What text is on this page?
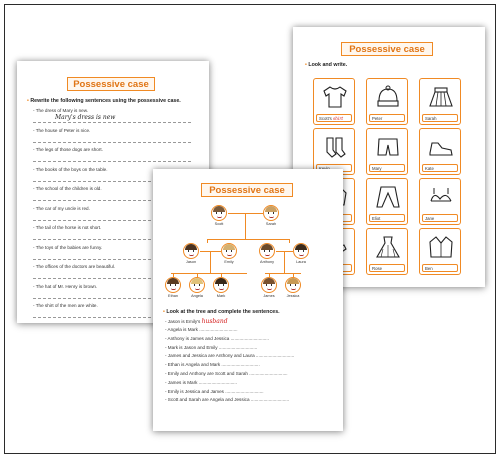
Possessive case
• Rewrite the following sentences using the possessive case.
- The dress of Mary is new.
Mary's dress is new
- The house of Peter is nice.
- The legs of those dogs are short.
- The books of the boys on the table.
- The school of the children is old.
- The car of my uncle is red.
- The tail of the horse is not short.
- The toys of the babies are funny.
- The offices of the doctors are beautiful.
- The hat of Mr. Henry is brown.
- The shirt of the men are white.
Possessive case
• Look and write.
Scott's shirt	Peter	Sarah
Mary	Kate
Eliot	Jane
Rose	Ben
Possessive case
Scott	Sarah
Jason	Emily	Anthony	Laura
Ethan	Angela	Mark	James	Jessica
• Look at the tree and complete the sentences.
- Jason is Emily's husband
- Angela is Mark ..............................
- Anthony is James and Jessica ..............................
- Mark is Jason and Emily ..............................
- James and Jessica are Anthony and Laura ..............................
- Ethan is Angela and Mark ..............................
- Emily and Anthony are Scott and Sarah ..............................
- James is Mark ..............................
- Emily is Jessica and James ..............................
- Scott and Sarah are Angela and Jessica ..............................
